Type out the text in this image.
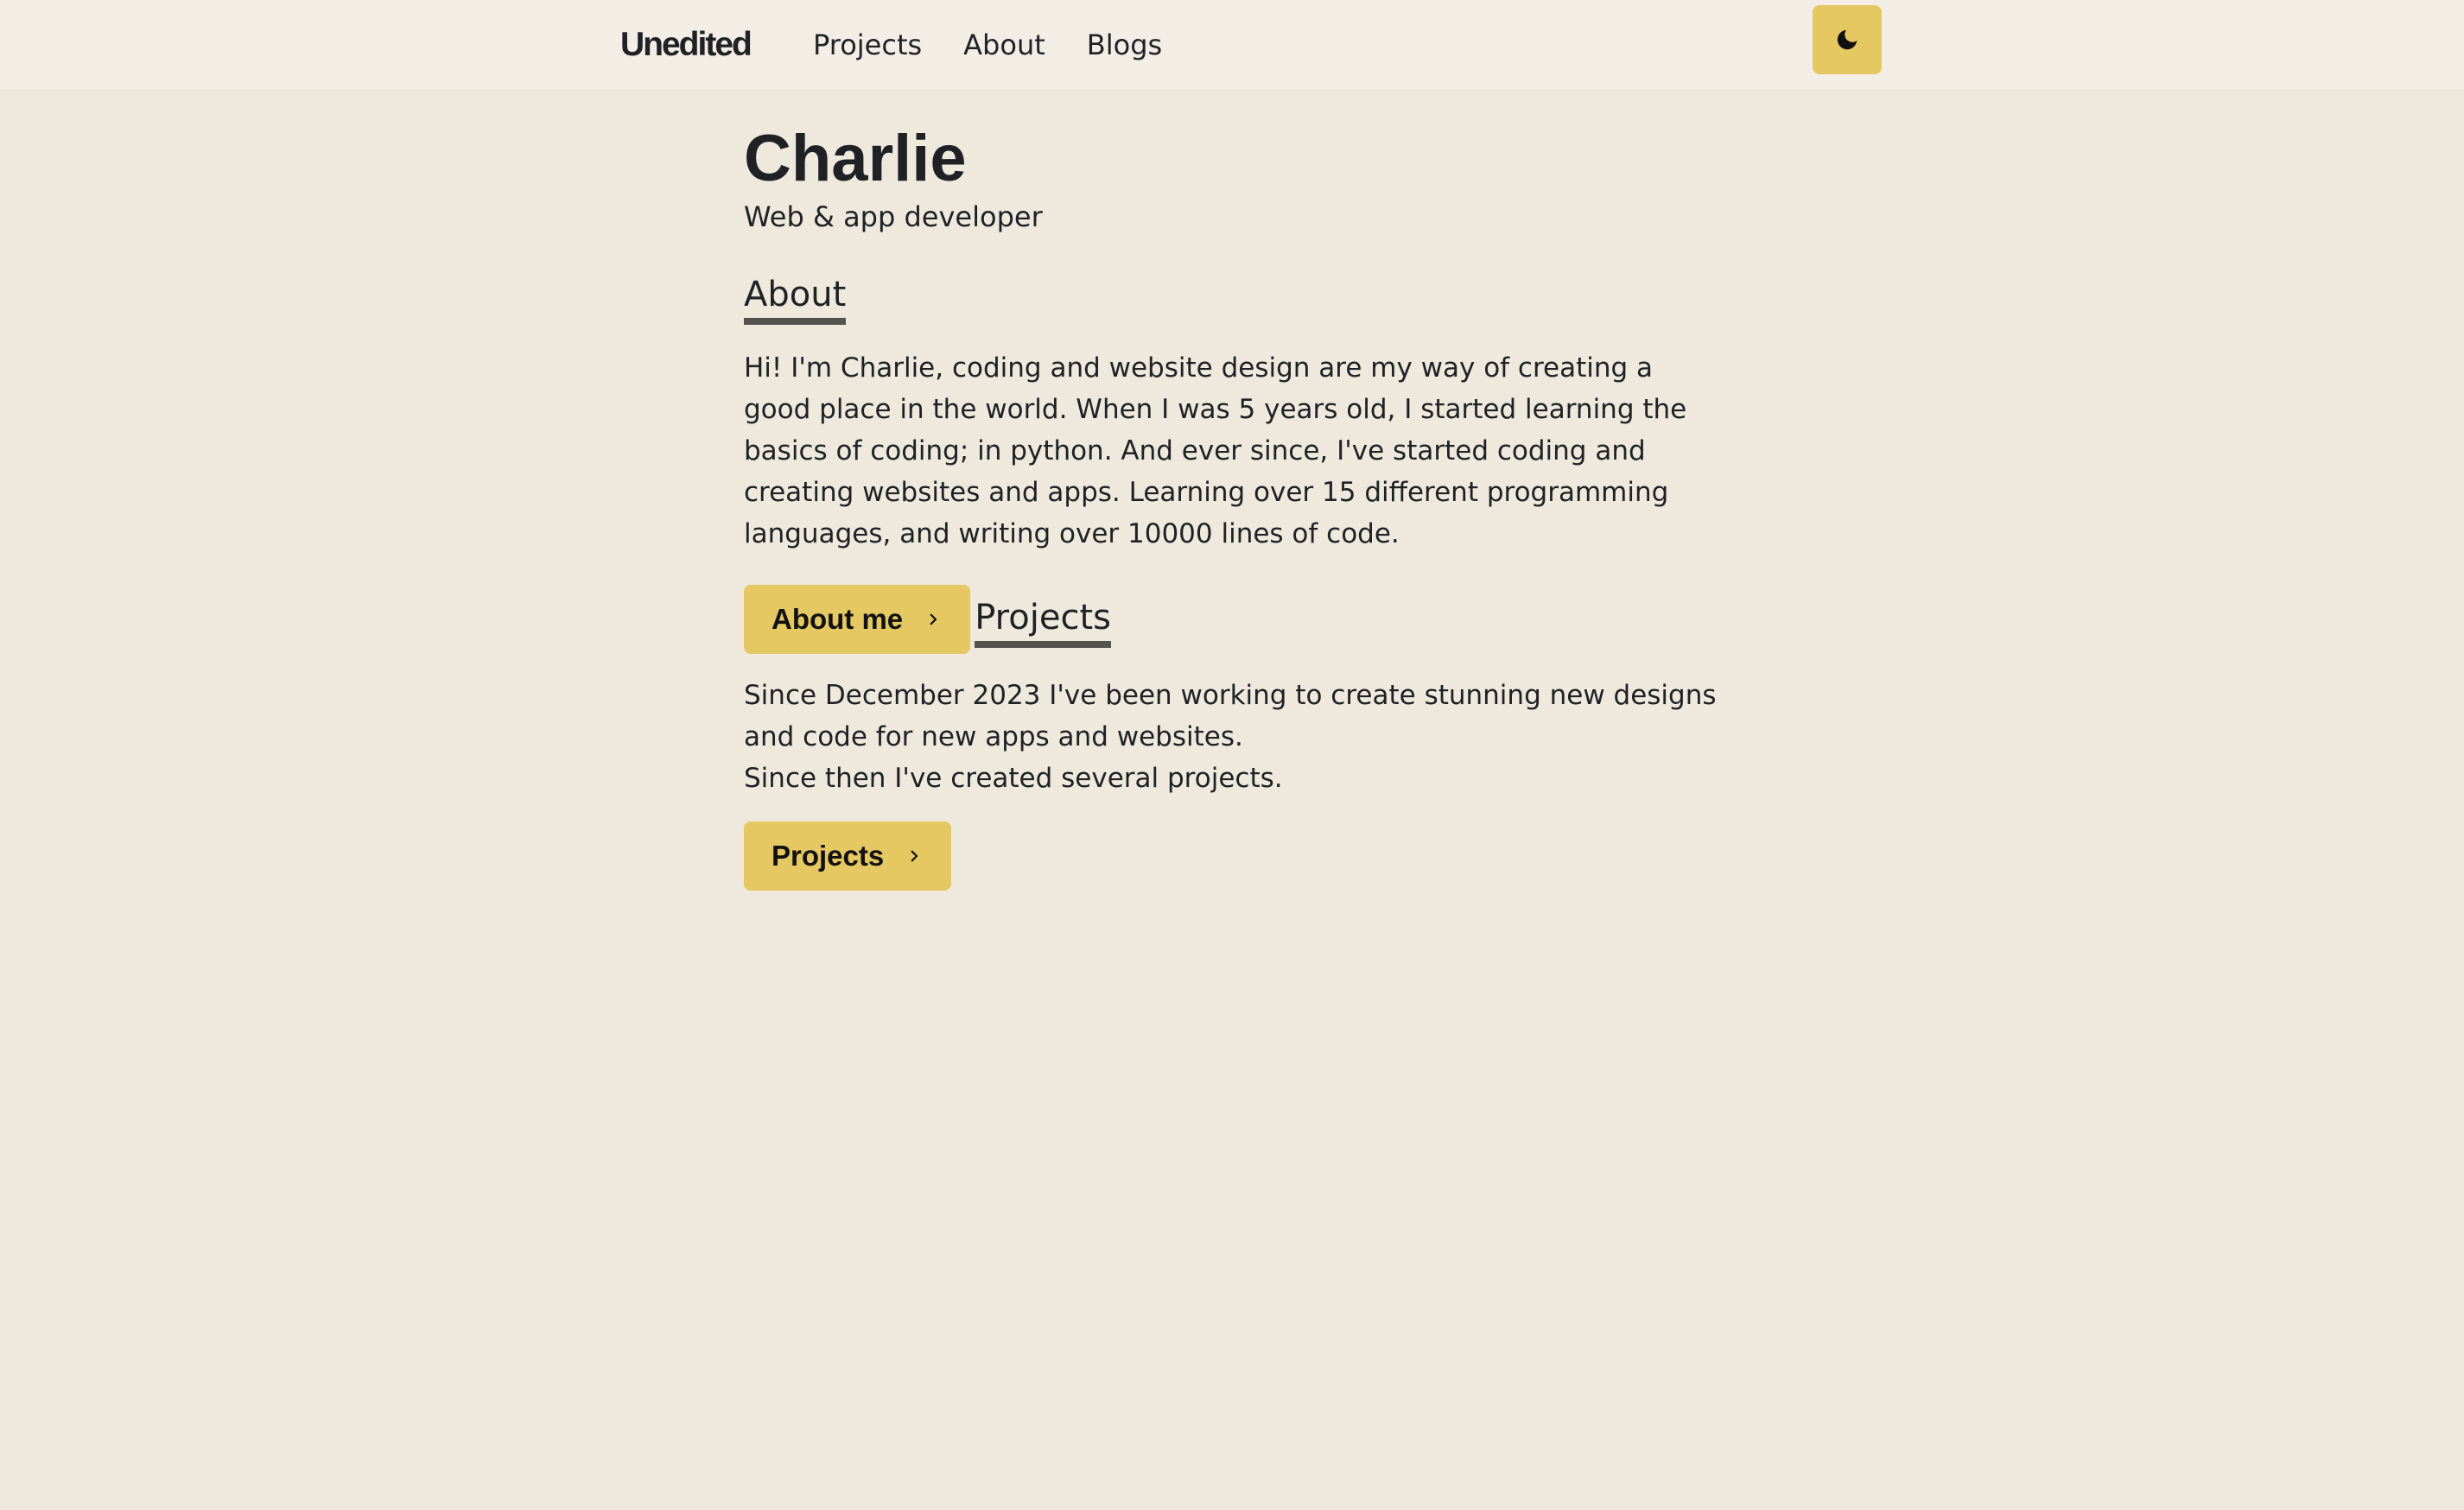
Unedited Projects About Blogs
Charlie
Web & app developer
About
Hi! I'm Charlie, coding and website design are my way of creating a
good place in the world. When I was 5 years old, I started learning the
basics of coding; in python. And ever since, I've started coding and
creating websites and apps. Learning over 15 different programming
languages, and writing over 10000 lines of code.
About me Projects
Since December 2023 I've been working to create stunning new designs
and code for new apps and websites.
Since then I've created several projects.
Projects
